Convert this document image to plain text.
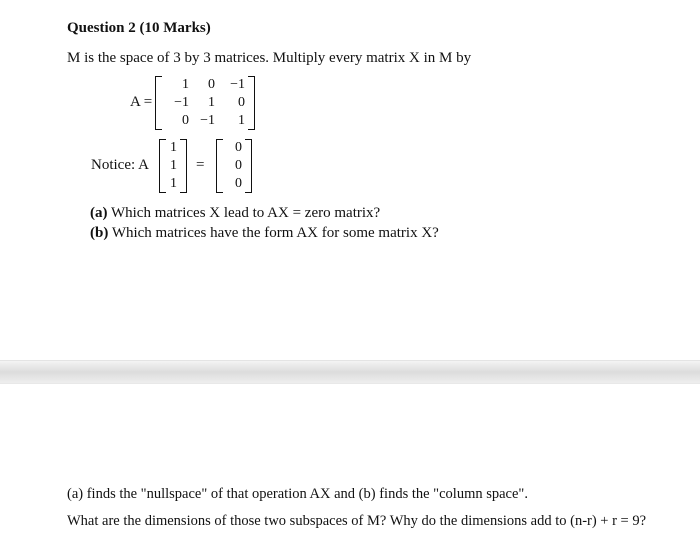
Question 2 (10 Marks)
M is the space of 3 by 3 matrices. Multiply every matrix X in M by
A =
1	0	−1
−1	1	0
0 −1	1
Notice: A
1
1
1
=
0
0
0
(a) Which matrices X lead to AX = zero matrix?
(b) Which matrices have the form AX for some matrix X?
(a) finds the "nullspace" of that operation AX and (b) finds the "column space".
What are the dimensions of those two subspaces of M? Why do the dimensions add to (n-r) + r = 9?
